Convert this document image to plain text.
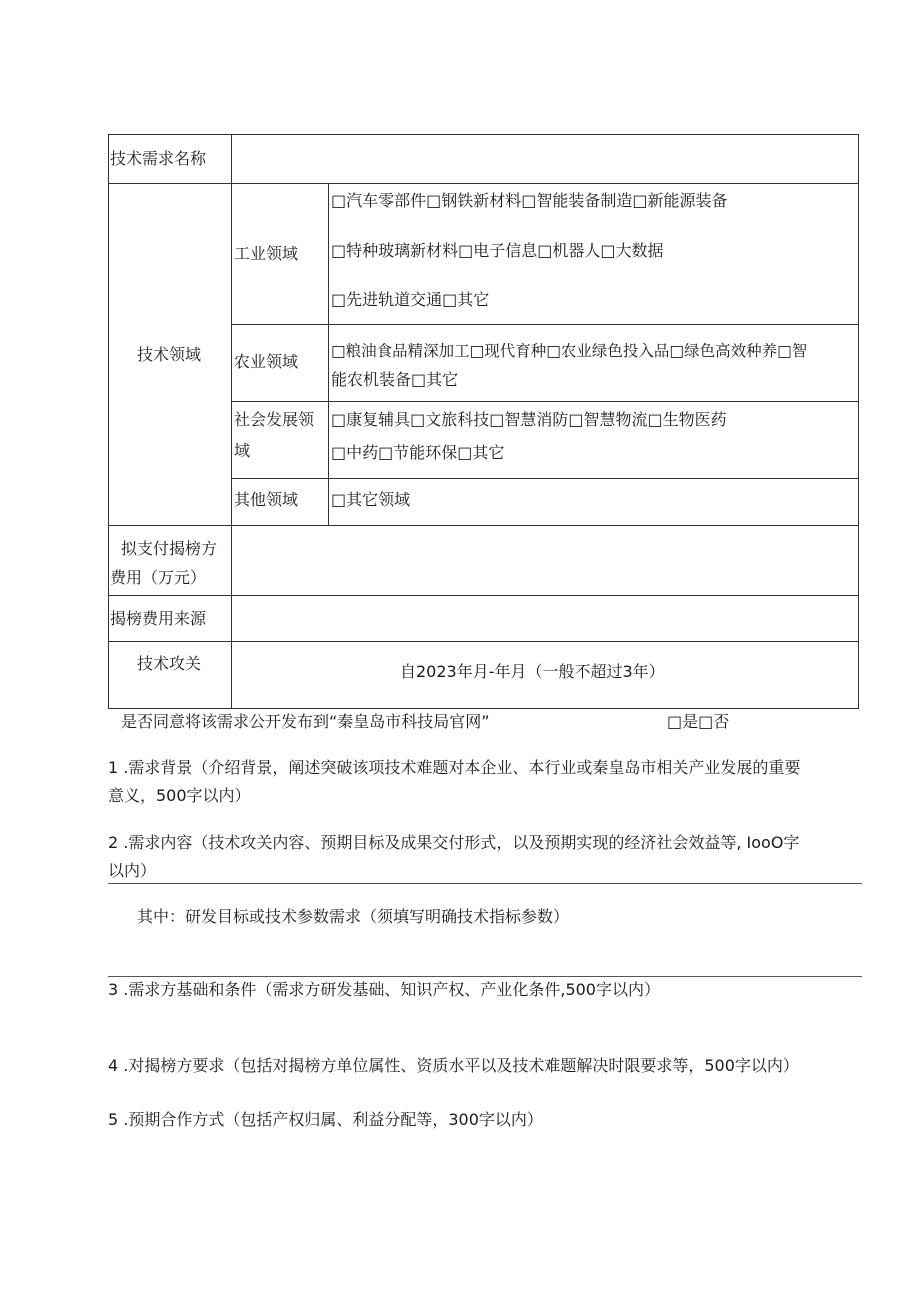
技术需求名称
技术领域
工业领域
□汽车零部件□钢铁新材料□智能装备制造□新能源装备
□特种玻璃新材料□电子信息□机器人□大数据
□先进轨道交通□其它
农业领域
□粮油食品精深加工□现代育种□农业绿色投入品□绿色高效种养□智
能农机装备□其它
社会发展领
域
□康复辅具□文旅科技□智慧消防□智慧物流□生物医药
□中药□节能环保□其它
其他领域 □其它领域
拟支付揭榜方
费用（万元）
揭榜费用来源
技术攻关	自2023年月-年月（一般不超过3年）
是否同意将该需求公开发布到“秦皇岛市科技局官网”	□是□否
1 .需求背景（介绍背景，阐述突破该项技术难题对本企业、本行业或秦皇岛市相关产业发展的重要
意义，500字以内）
2 .需求内容（技术攻关内容、预期目标及成果交付形式，以及预期实现的经济社会效益等, IooO字
以内）
其中：研发目标或技术参数需求（须填写明确技术指标参数）
3 .需求方基础和条件（需求方研发基础、知识产权、产业化条件,500字以内）
4 .对揭榜方要求（包括对揭榜方单位属性、资质水平以及技术难题解决时限要求等，500字以内）
5 .预期合作方式（包括产权归属、利益分配等，300字以内）
